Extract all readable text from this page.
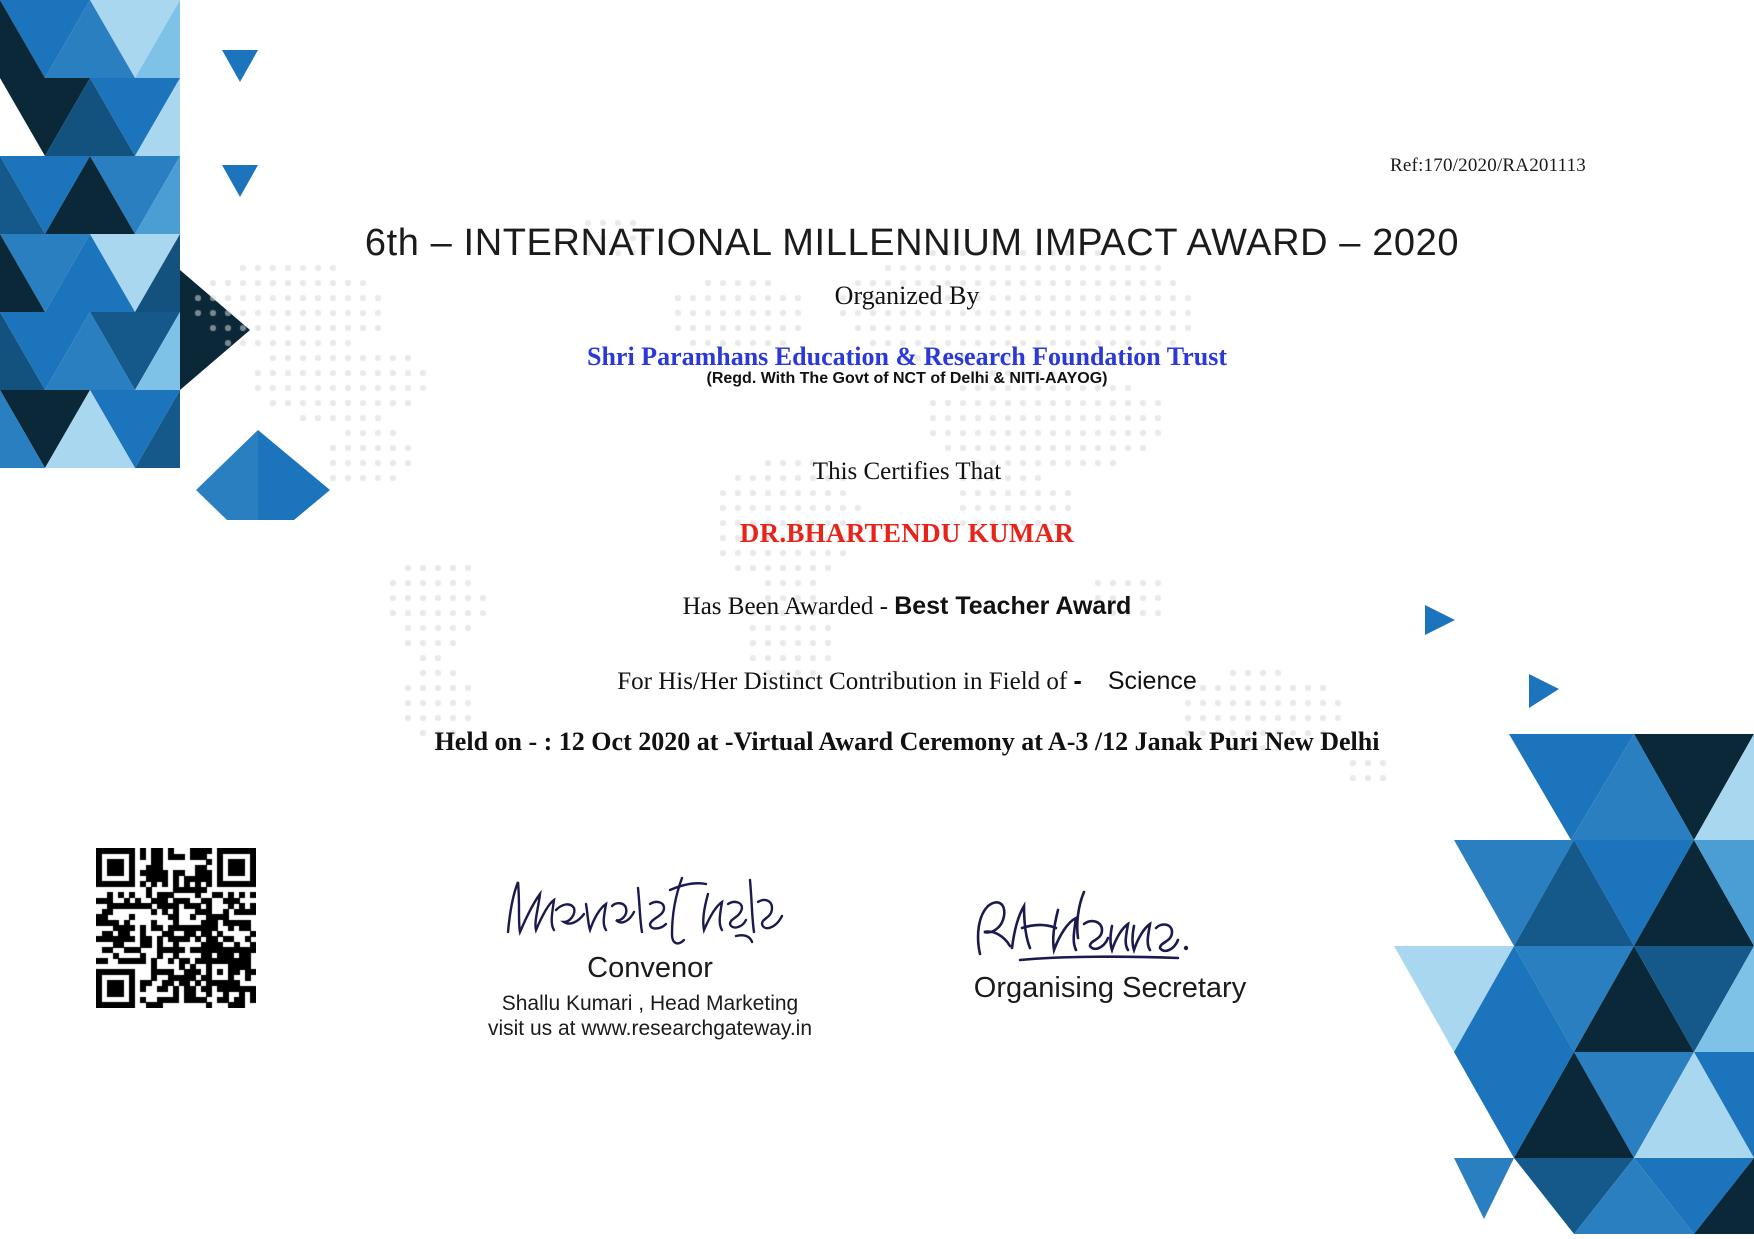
Ref:170/2020/RA201113
6th – INTERNATIONAL MILLENNIUM IMPACT AWARD – 2020
Organized By
Shri Paramhans Education & Research Foundation Trust
(Regd. With The Govt of NCT of Delhi & NITI-AAYOG)
This Certifies That
DR.BHARTENDU KUMAR
Has Been Awarded - Best Teacher Award
For His/Her Distinct Contribution in Field of - Science
Held on - : 12 Oct 2020 at -Virtual Award Ceremony at A-3 /12 Janak Puri New Delhi
Convenor
Shallu Kumari , Head Marketing
visit us at www.researchgateway.in
Organising Secretary
